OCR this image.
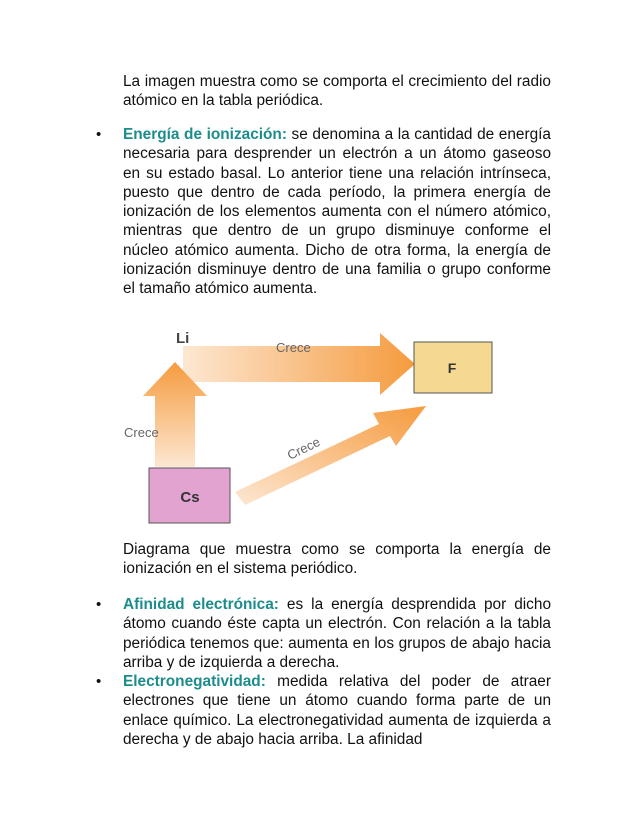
La imagen muestra como se comporta el crecimiento del radio atómico en la tabla periódica.

• Energía de ionización: se denomina a la cantidad de energía necesaria para desprender un electrón a un átomo gaseoso en su estado basal. Lo anterior tiene una relación intrínseca, puesto que dentro de cada período, la primera energía de ionización de los elementos aumenta con el número atómico, mientras que dentro de un grupo disminuye conforme el núcleo atómico aumenta. Dicho de otra forma, la energía de ionización disminuye dentro de una familia o grupo conforme el tamaño atómico aumenta.

F
Cs
Li
Crece
Crece
Crece

Diagrama que muestra como se comporta la energía de ionización en el sistema periódico.

• Afinidad electrónica: es la energía desprendida por dicho átomo cuando éste capta un electrón. Con relación a la tabla periódica tenemos que: aumenta en los grupos de abajo hacia arriba y de izquierda a derecha.

• Electronegatividad: medida relativa del poder de atraer electrones que tiene un átomo cuando forma parte de un enlace químico. La electronegatividad aumenta de izquierda a derecha y de abajo hacia arriba. La afinidad
